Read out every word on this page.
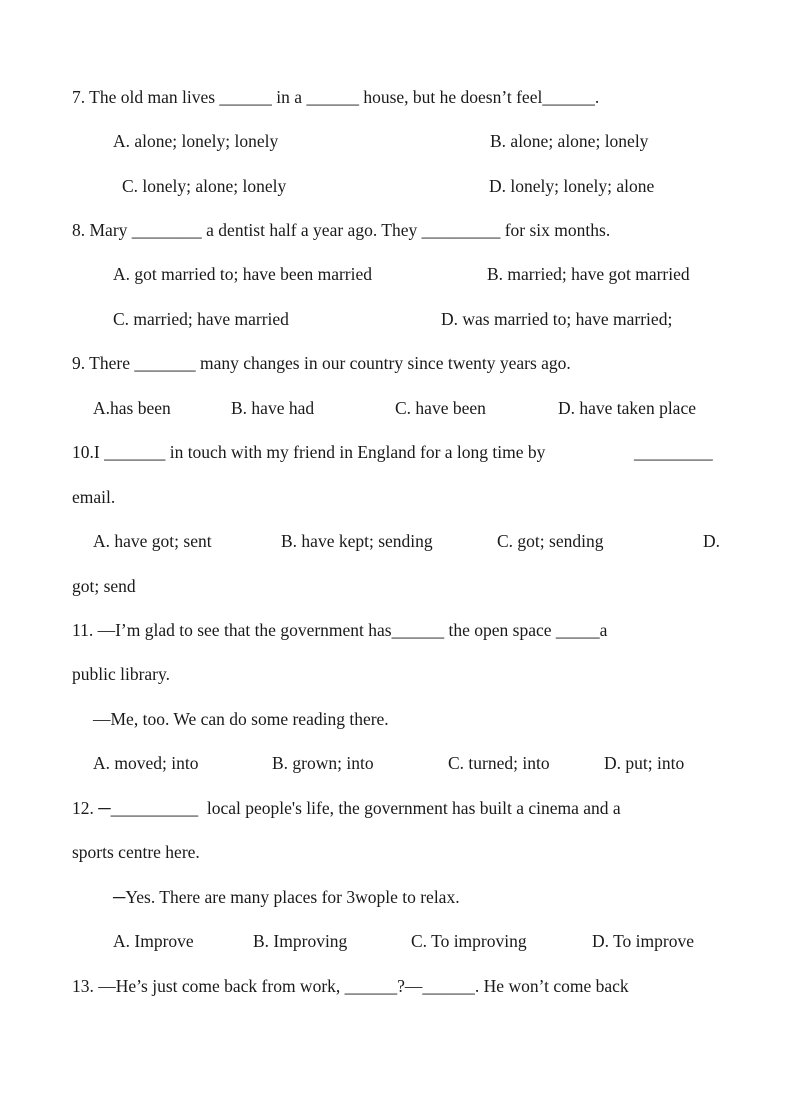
7. The old man lives ______ in a ______ house, but he doesn’t feel______.
A. alone; lonely; lonely	B. alone; alone; lonely
C. lonely; alone; lonely	D. lonely; lonely; alone
8. Mary ________ a dentist half a year ago. They _________ for six months.
A. got married to; have been married	B. married; have got married
C. married; have married	D. was married to; have married;
9. There _______ many changes in our country since twenty years ago.
A.has been	B. have had	C. have been	D. have taken place
10.I _______ in touch with my friend in England for a long time by	_________
email.
A. have got; sent	B. have kept; sending	C. got; sending	D.
got; send
11. —I’m glad to see that the government has______ the open space _____a
public library.
—Me, too. We can do some reading there.
A. moved; into	B. grown; into	C. turned; into	D. put; into
12. ─__________  local people's life, the government has built a cinema and a
sports centre here.
─Yes. There are many places for 3wople to relax.
A. Improve	B. Improving	C. To improving	D. To improve
13. —He’s just come back from work, ______?—______. He won’t come back
